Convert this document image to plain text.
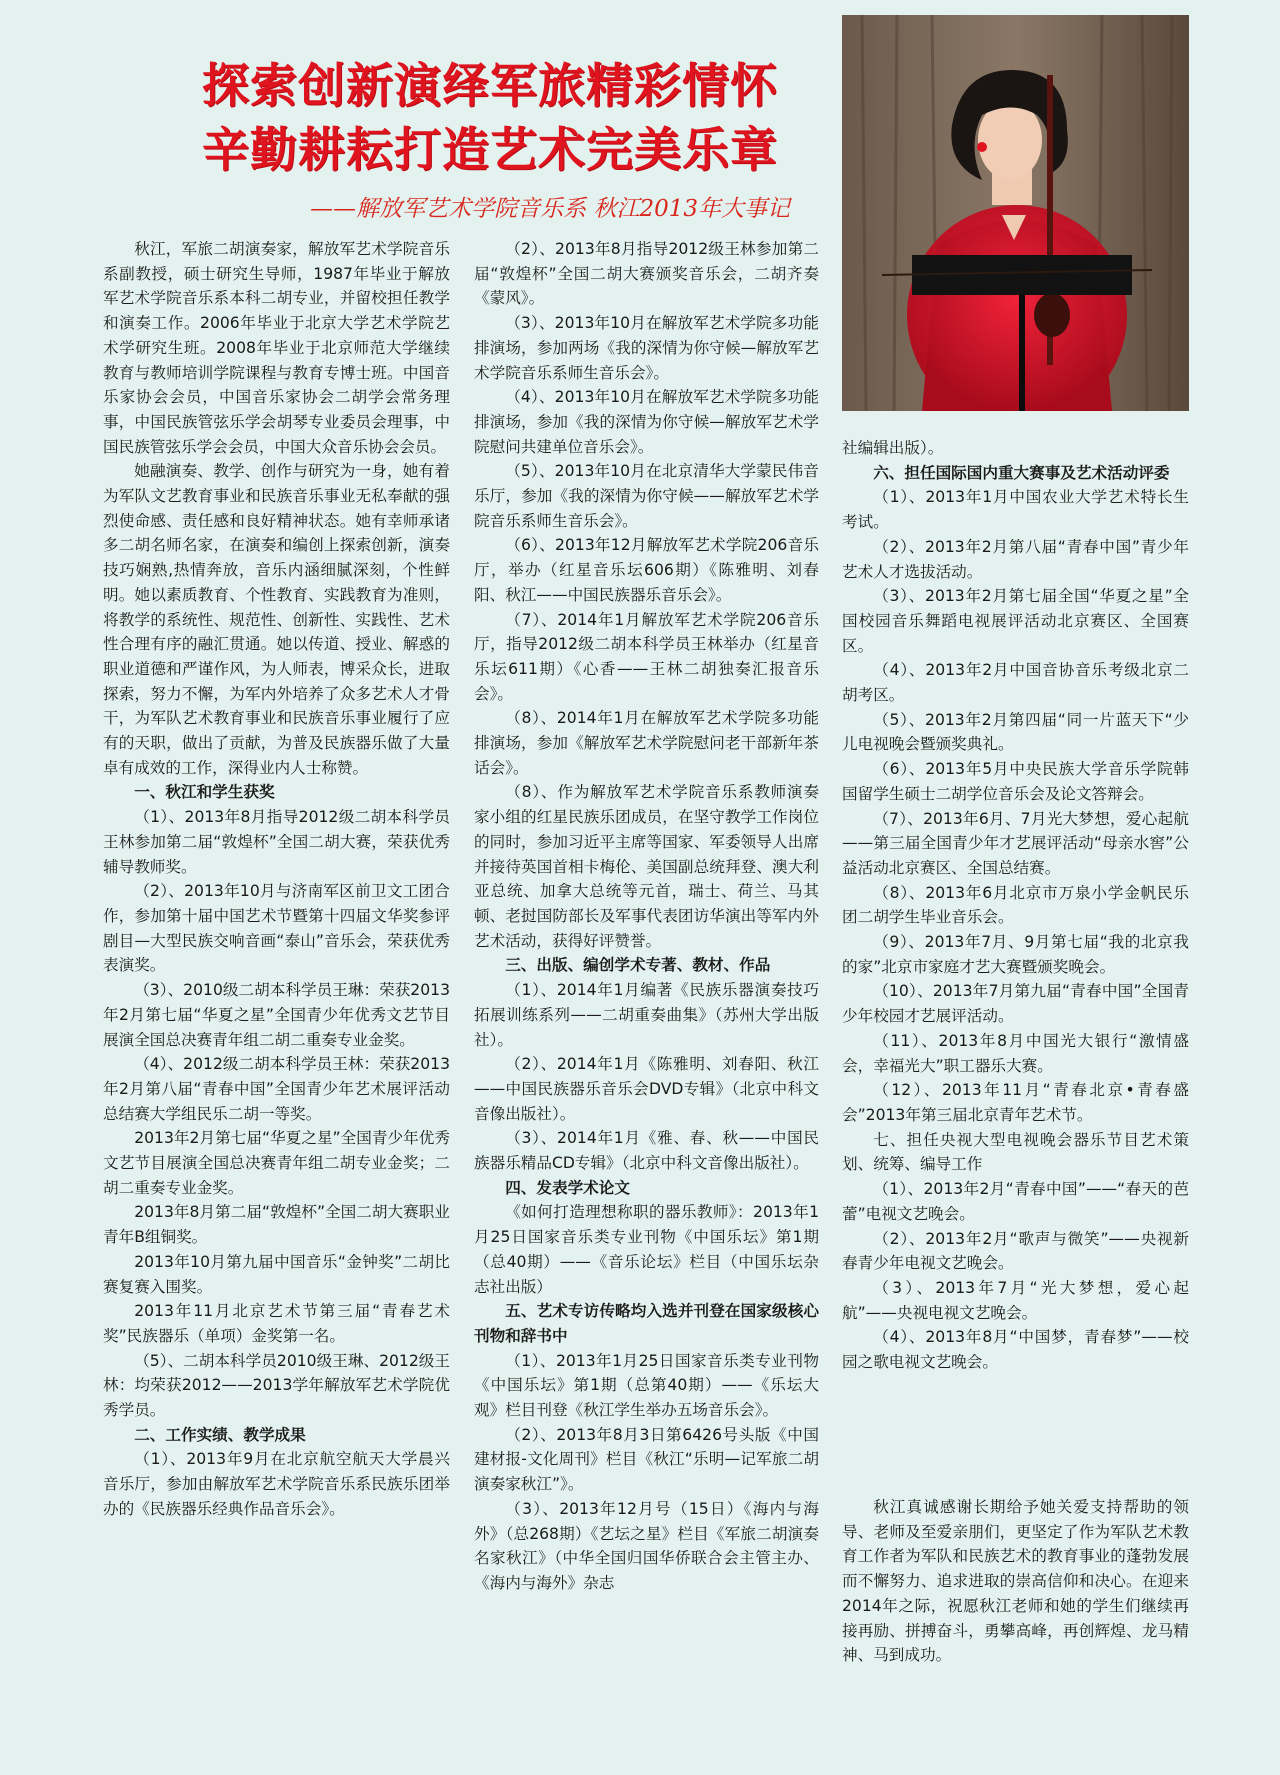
探索创新演绎军旅精彩情怀
辛勤耕耘打造艺术完美乐章
——解放军艺术学院音乐系 秋江2013年大事记

秋江，军旅二胡演奏家，解放军艺术学院音乐系副教授，硕士研究生导师，1987年毕业于解放军艺术学院音乐系本科二胡专业，并留校担任教学和演奏工作。2006年毕业于北京大学艺术学院艺术学研究生班。2008年毕业于北京师范大学继续教育与教师培训学院课程与教育专博士班。中国音乐家协会会员，中国音乐家协会二胡学会常务理事，中国民族管弦乐学会胡琴专业委员会理事，中国民族管弦乐学会会员，中国大众音乐协会会员。

她融演奏、教学、创作与研究为一身，她有着为军队文艺教育事业和民族音乐事业无私奉献的强烈使命感、责任感和良好精神状态。她有幸师承诸多二胡名师名家，在演奏和编创上探索创新，演奏技巧娴熟,热情奔放，音乐内涵细腻深刻，个性鲜明。她以素质教育、个性教育、实践教育为准则，将教学的系统性、规范性、创新性、实践性、艺术性合理有序的融汇贯通。她以传道、授业、解惑的职业道德和严谨作风，为人师表，博采众长，进取探索，努力不懈，为军内外培养了众多艺术人才骨干，为军队艺术教育事业和民族音乐事业履行了应有的天职，做出了贡献，为普及民族器乐做了大量卓有成效的工作，深得业内人士称赞。

一、秋江和学生获奖

（1）、2013年8月指导2012级二胡本科学员王林参加第二届“敦煌杯”全国二胡大赛，荣获优秀辅导教师奖。

（2）、2013年10月与济南军区前卫文工团合作，参加第十届中国艺术节暨第十四届文华奖参评剧目—大型民族交响音画“泰山”音乐会，荣获优秀表演奖。

（3）、2010级二胡本科学员王琳：荣获2013年2月第七届“华夏之星”全国青少年优秀文艺节目展演全国总决赛青年组二胡二重奏专业金奖。

（4）、2012级二胡本科学员王林：荣获2013年2月第八届“青春中国”全国青少年艺术展评活动总结赛大学组民乐二胡一等奖。

2013年2月第七届“华夏之星”全国青少年优秀文艺节目展演全国总决赛青年组二胡专业金奖；二胡二重奏专业金奖。

2013年8月第二届“敦煌杯”全国二胡大赛职业青年B组铜奖。

2013年10月第九届中国音乐“金钟奖”二胡比赛复赛入围奖。

2013年11月北京艺术节第三届“青春艺术奖”民族器乐（单项）金奖第一名。

（5）、二胡本科学员2010级王琳、2012级王林：均荣获2012——2013学年解放军艺术学院优秀学员。

二、工作实绩、教学成果

（1）、2013年9月在北京航空航天大学晨兴音乐厅，参加由解放军艺术学院音乐系民族乐团举办的《民族器乐经典作品音乐会》。

（2）、2013年8月指导2012级王林参加第二届“敦煌杯”全国二胡大赛颁奖音乐会，二胡齐奏《蒙风》。

（3）、2013年10月在解放军艺术学院多功能排演场，参加两场《我的深情为你守候—解放军艺术学院音乐系师生音乐会》。

（4）、2013年10月在解放军艺术学院多功能排演场，参加《我的深情为你守候—解放军艺术学院慰问共建单位音乐会》。

（5）、2013年10月在北京清华大学蒙民伟音乐厅，参加《我的深情为你守候——解放军艺术学院音乐系师生音乐会》。

（6）、2013年12月解放军艺术学院206音乐厅，举办（红星音乐坛606期）《陈雅明、刘春阳、秋江——中国民族器乐音乐会》。

（7）、2014年1月解放军艺术学院206音乐厅，指导2012级二胡本科学员王林举办（红星音乐坛611期）《心香——王林二胡独奏汇报音乐会》。

（8）、2014年1月在解放军艺术学院多功能排演场，参加《解放军艺术学院慰问老干部新年茶话会》。

（8）、作为解放军艺术学院音乐系教师演奏家小组的红星民族乐团成员，在坚守教学工作岗位的同时，参加习近平主席等国家、军委领导人出席并接待英国首相卡梅伦、美国副总统拜登、澳大利亚总统、加拿大总统等元首，瑞士、荷兰、马其顿、老挝国防部长及军事代表团访华演出等军内外艺术活动，获得好评赞誉。

三、出版、编创学术专著、教材、作品

（1）、2014年1月编著《民族乐器演奏技巧拓展训练系列——二胡重奏曲集》（苏州大学出版社）。

（2）、2014年1月《陈雅明、刘春阳、秋江——中国民族器乐音乐会DVD专辑》（北京中科文音像出版社）。

（3）、2014年1月《雅、春、秋——中国民族器乐精品CD专辑》（北京中科文音像出版社）。

四、发表学术论文

《如何打造理想称职的器乐教师》：2013年1月25日国家音乐类专业刊物《中国乐坛》第1期（总40期）——《音乐论坛》栏目（中国乐坛杂志社出版）

五、艺术专访传略均入选并刊登在国家级核心刊物和辞书中

（1）、2013年1月25日国家音乐类专业刊物《中国乐坛》第1期（总第40期）——《乐坛大观》栏目刊登《秋江学生举办五场音乐会》。

（2）、2013年8月3日第6426号头版《中国建材报-文化周刊》栏目《秋江“乐明—记军旅二胡演奏家秋江”》。

（3）、2013年12月号（15日）《海内与海外》（总268期）《艺坛之星》栏目《军旅二胡演奏名家秋江》（中华全国归国华侨联合会主管主办、《海内与海外》杂志

社编辑出版）。

六、担任国际国内重大赛事及艺术活动评委

（1）、2013年1月中国农业大学艺术特长生考试。

（2）、2013年2月第八届“青春中国”青少年艺术人才选拔活动。

（3）、2013年2月第七届全国“华夏之星”全国校园音乐舞蹈电视展评活动北京赛区、全国赛区。

（4）、2013年2月中国音协音乐考级北京二胡考区。

（5）、2013年2月第四届“同一片蓝天下“少儿电视晚会暨颁奖典礼。

（6）、2013年5月中央民族大学音乐学院韩国留学生硕士二胡学位音乐会及论文答辩会。

（7）、2013年6月、7月光大梦想，爱心起航——第三届全国青少年才艺展评活动“母亲水窖”公益活动北京赛区、全国总结赛。

（8）、2013年6月北京市万泉小学金帆民乐团二胡学生毕业音乐会。

（9）、2013年7月、9月第七届“我的北京我的家”北京市家庭才艺大赛暨颁奖晚会。

（10）、2013年7月第九届“青春中国”全国青少年校园才艺展评活动。

（11）、2013年8月中国光大银行“激情盛会，幸福光大”职工器乐大赛。

（12）、2013年11月“青春北京•青春盛会”2013年第三届北京青年艺术节。

七、担任央视大型电视晚会器乐节目艺术策划、统筹、编导工作

（1）、2013年2月“青春中国”——“春天的芭蕾”电视文艺晚会。

（2）、2013年2月“歌声与微笑”——央视新春青少年电视文艺晚会。

（3）、2013年7月“光大梦想，爱心起航”——央视电视文艺晚会。

（4）、2013年8月“中国梦，青春梦”——校园之歌电视文艺晚会。

秋江真诚感谢长期给予她关爱支持帮助的领导、老师及至爱亲朋们，更坚定了作为军队艺术教育工作者为军队和民族艺术的教育事业的蓬勃发展而不懈努力、追求进取的崇高信仰和决心。在迎来2014年之际，祝愿秋江老师和她的学生们继续再接再励、拼搏奋斗，勇攀高峰，再创辉煌、龙马精神、马到成功。
